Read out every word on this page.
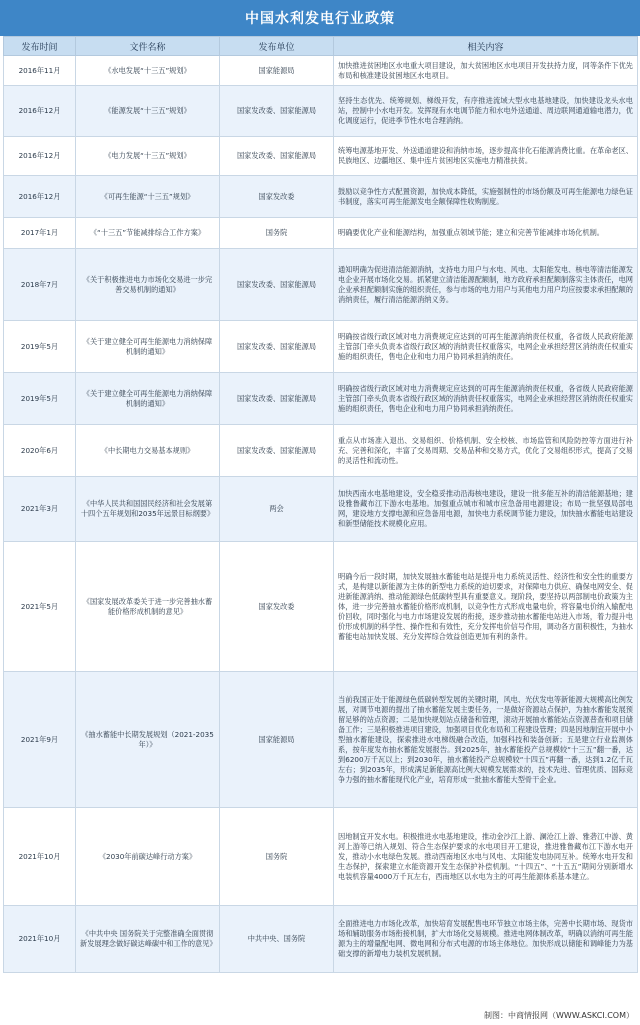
中国水利发电行业政策
发布时间	文件名称	发布单位	相关内容
2016年11月	《水电发展“十三五”规划》	国家能源局	加快推进贫困地区水电重大项目建设，加大贫困地区水电项目开发扶持力度，同等条件下优先布局和核准建设贫困地区水电项目。
2016年12月	《能源发展“十三五”规划》	国家发改委、国家能源局	坚持生态优先、统筹规划、梯级开发，有序推进流域大型水电基地建设，加快建设龙头水电站，控制中小水电开发。发挥现有水电调节能力和水电外送通道、周边联网通道输电潜力，优化调度运行，促进季节性水电合理消纳。
2016年12月	《电力发展“十三五”规划》	国家发改委、国家能源局	统筹电源基地开发、外送通道建设和消纳市场，逐步提高非化石能源消费比重。在革命老区、民族地区、边疆地区、集中连片贫困地区实施电力精准扶贫。
2016年12月	《可再生能源“十三五”规划》	国家发改委	鼓励以竞争性方式配置资源，加快成本降低，实施强制性的市场份额及可再生能源电力绿色证书制度，落实可再生能源发电全额保障性收购制度。
2017年1月	《“十三五”节能减排综合工作方案》	国务院	明确要优化产业和能源结构，加强重点领域节能；建立和完善节能减排市场化机制。
2018年7月	《关于积极推进电力市场化交易进一步完善交易机制的通知》	国家发改委、国家能源局	通知明确为促进清洁能源消纳，支持电力用户与水电、风电、太阳能发电、核电等清洁能源发电企业开展市场化交易。抓紧建立清洁能源配额制，地方政府承担配额制落实主体责任，电网企业承担配额制实施的组织责任，参与市场的电力用户与其他电力用户均应按要求承担配额的消纳责任，履行清洁能源消纳义务。
2019年5月	《关于建立健全可再生能源电力消纳保障机制的通知》	国家发改委、国家能源局	明确按省级行政区域对电力消费规定应达到的可再生能源消纳责任权重，各省级人民政府能源主管部门牵头负责本省级行政区域的消纳责任权重落实，电网企业承担经营区消纳责任权重实施的组织责任，售电企业和电力用户协同承担消纳责任。
2019年5月	《关于建立健全可再生能源电力消纳保障机制的通知》	国家发改委、国家能源局	明确按省级行政区域对电力消费规定应达到的可再生能源消纳责任权重，各省级人民政府能源主管部门牵头负责本省级行政区域的消纳责任权重落实，电网企业承担经营区消纳责任权重实施的组织责任，售电企业和电力用户协同承担消纳责任。
2020年6月	《中长期电力交易基本规则》	国家发改委、国家能源局	重点从市场准入退出、交易组织、价格机制、安全校核、市场监管和风险防控等方面进行补充、完善和深化，丰富了交易周期、交易品种和交易方式，优化了交易组织形式，提高了交易的灵活性和流动性。
2021年3月	《中华人民共和国国民经济和社会发展第十四个五年规划和2035年远景目标纲要》	两会	加快西南水电基地建设，安全稳妥推动沿海核电建设，建设一批多能互补的清洁能源基地；建设雅鲁藏布江下游水电基地。加强重点城市和城市应急备用电源建设；布局一批坚强局部电网，建设地方支撑电源和应急备用电源，加快电力系统调节能力建设，加快抽水蓄能电站建设和新型储能技术规模化应用。
2021年5月	《国家发展改革委关于进一步完善抽水蓄能价格形成机制的意见》	国家发改委	明确今后一段时期，加快发展抽水蓄能电站是提升电力系统灵活性、经济性和安全性的重要方式，是构建以新能源为主体的新型电力系统的迫切要求，对保障电力供应、确保电网安全、促进新能源消纳、推动能源绿色低碳转型具有重要意义。现阶段，要坚持以两部制电价政策为主体，进一步完善抽水蓄能价格形成机制，以竞争性方式形成电量电价，将容量电价纳入输配电价回收，同时强化与电力市场建设发展的衔接，逐步推动抽水蓄能电站进入市场，着力提升电价形成机制的科学性、操作性和有效性，充分发挥电价信号作用，调动各方面积极性，为抽水蓄能电站加快发展、充分发挥综合效益创造更加有利的条件。
2021年9月	《抽水蓄能中长期发展规划（2021-2035年）》	国家能源局	当前我国正处于能源绿色低碳转型发展的关键时期，风电、光伏发电等新能源大规模高比例发展，对调节电源的提出了抽水蓄能发展主要任务，一是做好资源站点保护，为抽水蓄能发展预留足够的站点资源；二是加快规划站点储备和管理，滚动开展抽水蓄能站点资源普查和项目储备工作；三是积极推进项目建设，加强项目优化布局和工程建设管理；四是因地制宜开展中小型抽水蓄能建设，探索推进水电梯级融合改造，加强科技和装备创新；五是建立行业监测体系，按年度发布抽水蓄能发展报告。到2025年，抽水蓄能投产总规模较“十三五”翻一番，达到6200万千瓦以上；到2030年，抽水蓄能投产总规模较“十四五”再翻一番，达到1.2亿千瓦左右；到2035年，形成满足新能源高比例大规模发展需求的，技术先进、管理优质、国际竞争力强的抽水蓄能现代化产业，培育形成一批抽水蓄能大型骨干企业。
2021年10月	《2030年前碳达峰行动方案》	国务院	因地制宜开发水电。积极推进水电基地建设，推动金沙江上游、澜沧江上游、雅砻江中游、黄河上游等已纳入规划、符合生态保护要求的水电项目开工建设，推进雅鲁藏布江下游水电开发，推动小水电绿色发展。推动西南地区水电与风电、太阳能发电协同互补。统筹水电开发和生态保护，探索建立水能资源开发生态保护补偿机制。“十四五”、“十五五”期间分别新增水电装机容量4000万千瓦左右，西南地区以水电为主的可再生能源体系基本建立。
2021年10月	《中共中央 国务院关于完整准确全面贯彻新发展理念做好碳达峰碳中和工作的意见》	中共中央、国务院	全面推进电力市场化改革，加快培育发展配售电环节独立市场主体，完善中长期市场、现货市场和辅助服务市场衔接机制，扩大市场化交易规模。推进电网体制改革，明确以消纳可再生能源为主的增量配电网、微电网和分布式电源的市场主体地位。加快形成以储能和调峰能力为基础支撑的新增电力装机发展机制。
制图：中商情报网（WWW.ASKCI.COM）
